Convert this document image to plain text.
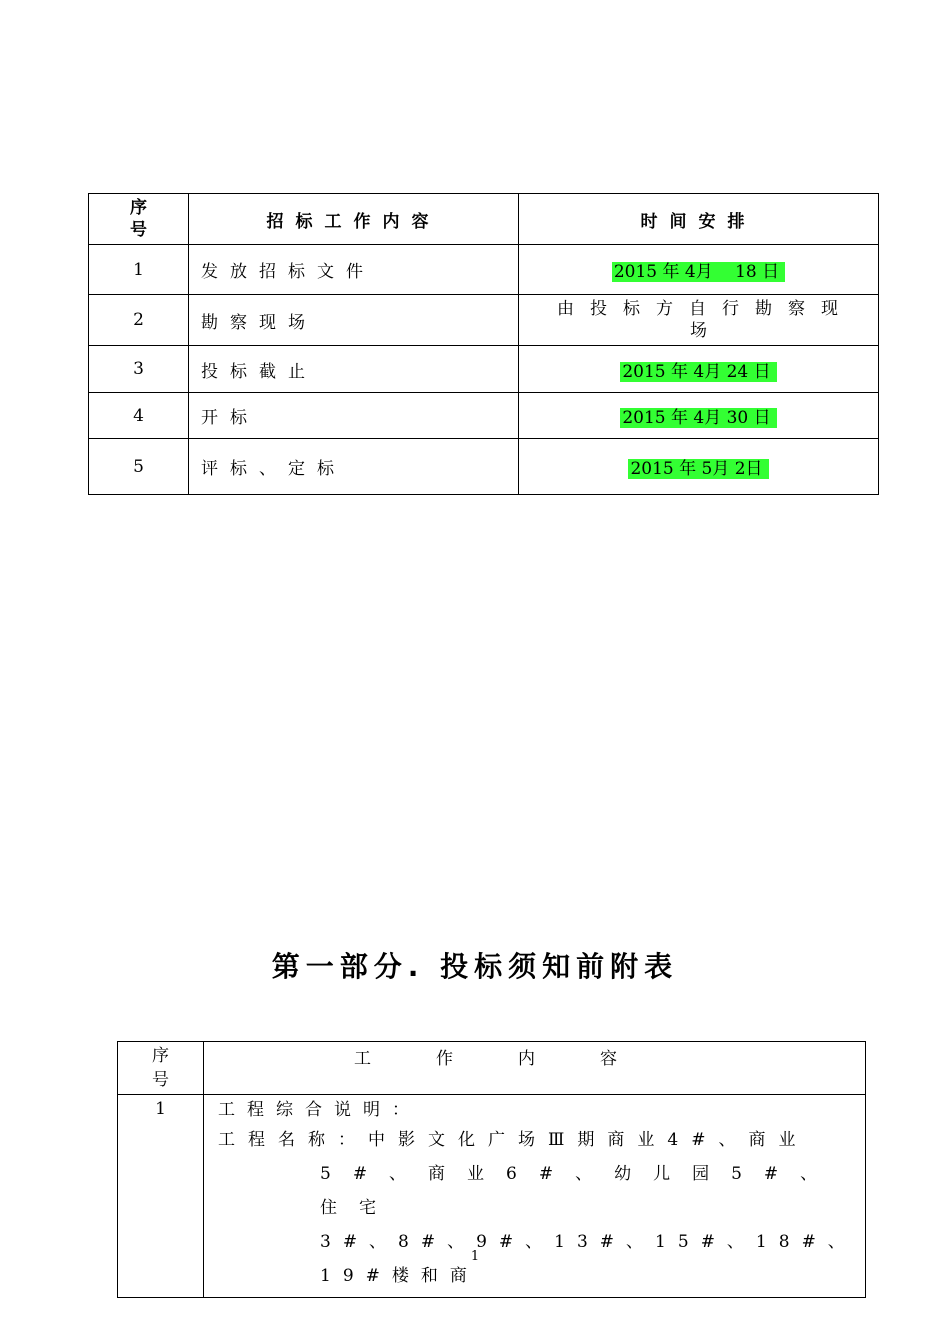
序号	招标工作内容	时间安排
1	发放招标文件	2015 年 4月　 18 日
2	勘察现场	由投标方自行勘察现
场

3	投标截止	2015 年 4月 24 日
4	开标	2015 年 4月 30 日
5	评标、定标	2015 年 5月 2日
第一部分. 投标须知前附表
序号	工　作　内　容
1	工程综合说明：
工程名称：中影文化广场Ⅲ期商业4#、商业
5#、商业6#、幼儿园5#、住宅
3#、8#、9#、13#、15#、18#、19#楼和商
1
